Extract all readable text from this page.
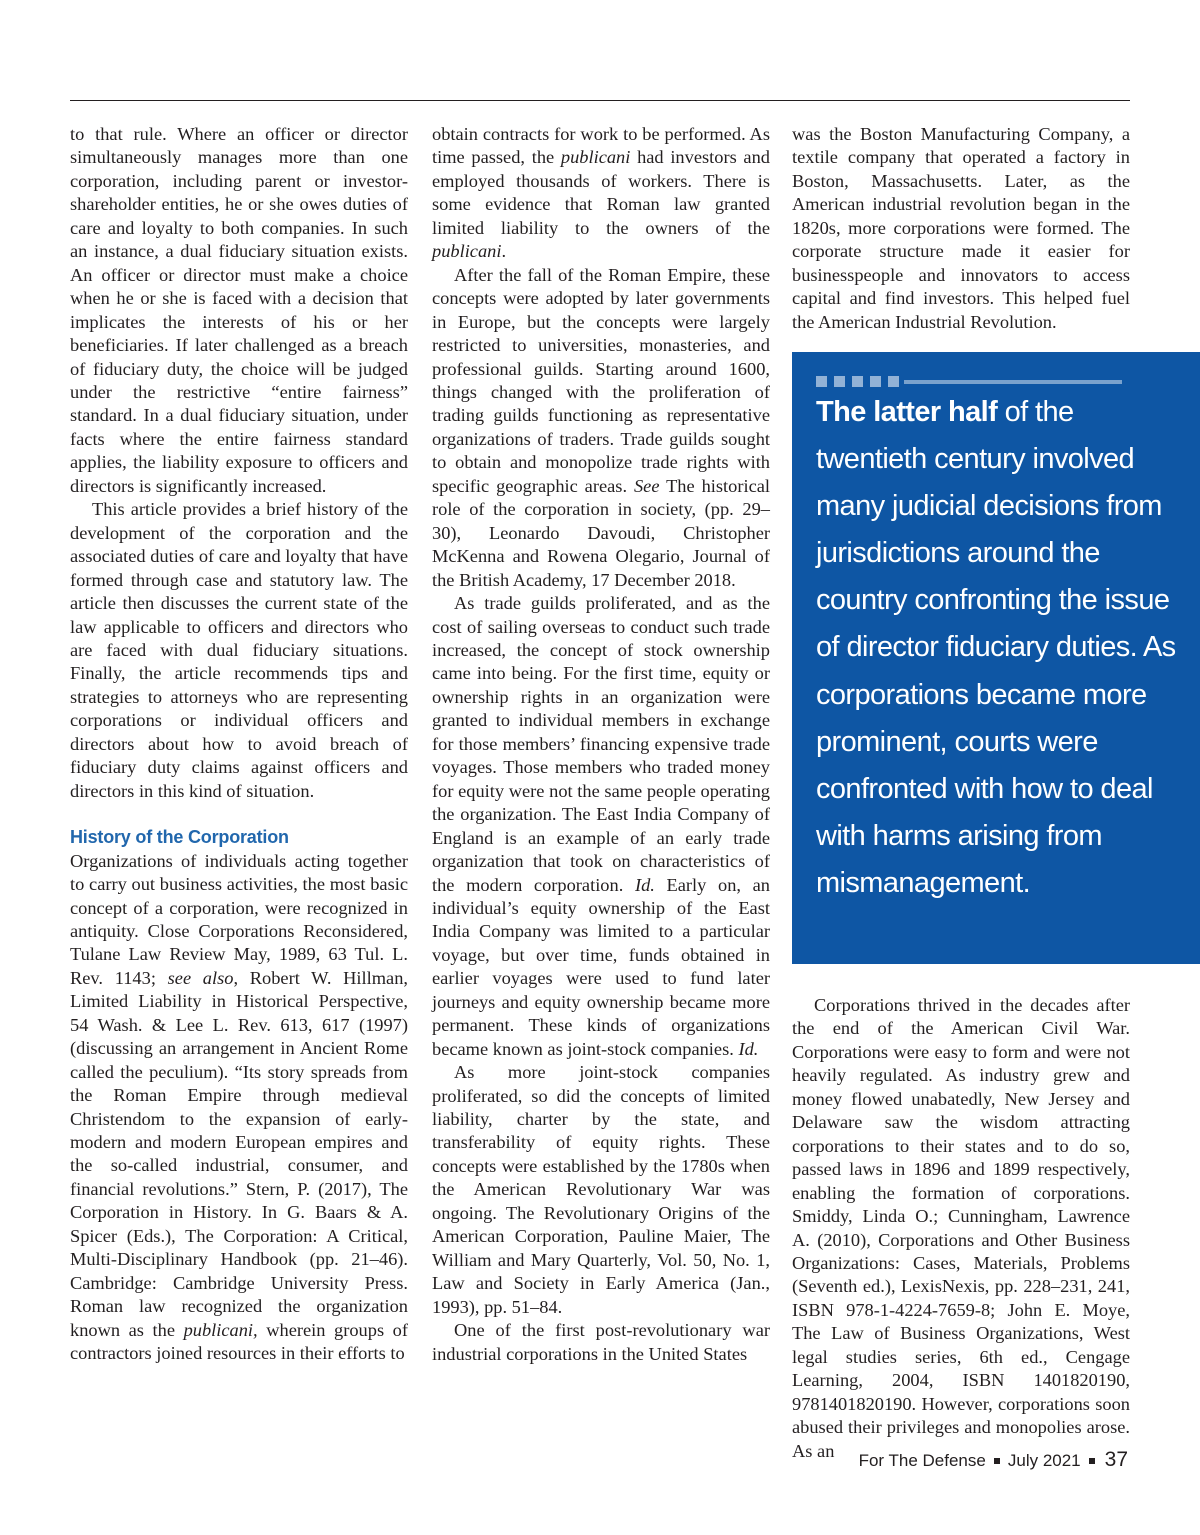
to that rule. Where an officer or director simultaneously manages more than one corporation, including parent or investor-shareholder entities, he or she owes duties of care and loyalty to both companies. In such an instance, a dual fiduciary situation exists. An officer or director must make a choice when he or she is faced with a decision that implicates the interests of his or her beneficiaries. If later challenged as a breach of fiduciary duty, the choice will be judged under the restrictive “entire fairness” standard. In a dual fiduciary situation, under facts where the entire fairness standard applies, the liability exposure to officers and directors is significantly increased.

This article provides a brief history of the development of the corporation and the associated duties of care and loyalty that have formed through case and statutory law. The article then discusses the current state of the law applicable to officers and directors who are faced with dual fiduciary situations. Finally, the article recommends tips and strategies to attorneys who are representing corporations or individual officers and directors about how to avoid breach of fiduciary duty claims against officers and directors in this kind of situation.

History of the Corporation

Organizations of individuals acting together to carry out business activities, the most basic concept of a corporation, were recognized in antiquity. Close Corporations Reconsidered, Tulane Law Review May, 1989, 63 Tul. L. Rev. 1143; see also, Robert W. Hillman, Limited Liability in Historical Perspective, 54 Wash. & Lee L. Rev. 613, 617 (1997) (discussing an arrangement in Ancient Rome called the peculium). “Its story spreads from the Roman Empire through medieval Christendom to the expansion of early-modern and modern European empires and the so-called industrial, consumer, and financial revolutions.” Stern, P. (2017), The Corporation in History. In G. Baars & A. Spicer (Eds.), The Corporation: A Critical, Multi-Disciplinary Handbook (pp. 21–46). Cambridge: Cambridge University Press. Roman law recognized the organization known as the publicani, wherein groups of contractors joined resources in their efforts to

obtain contracts for work to be performed. As time passed, the publicani had investors and employed thousands of workers. There is some evidence that Roman law granted limited liability to the owners of the publicani.

After the fall of the Roman Empire, these concepts were adopted by later governments in Europe, but the concepts were largely restricted to universities, monasteries, and professional guilds. Starting around 1600, things changed with the proliferation of trading guilds functioning as representative organizations of traders. Trade guilds sought to obtain and monopolize trade rights with specific geographic areas. See The historical role of the corporation in society, (pp. 29–30), Leonardo Davoudi, Christopher McKenna and Rowena Olegario, Journal of the British Academy, 17 December 2018.

As trade guilds proliferated, and as the cost of sailing overseas to conduct such trade increased, the concept of stock ownership came into being. For the first time, equity or ownership rights in an organization were granted to individual members in exchange for those members’ financing expensive trade voyages. Those members who traded money for equity were not the same people operating the organization. The East India Company of England is an example of an early trade organization that took on characteristics of the modern corporation. Id. Early on, an individual’s equity ownership of the East India Company was limited to a particular voyage, but over time, funds obtained in earlier voyages were used to fund later journeys and equity ownership became more permanent. These kinds of organizations became known as joint-stock companies. Id.

As more joint-stock companies proliferated, so did the concepts of limited liability, charter by the state, and transferability of equity rights. These concepts were established by the 1780s when the American Revolutionary War was ongoing. The Revolutionary Origins of the American Corporation, Pauline Maier, The William and Mary Quarterly, Vol. 50, No. 1, Law and Society in Early America (Jan., 1993), pp. 51–84.

One of the first post-revolutionary war industrial corporations in the United States

was the Boston Manufacturing Company, a textile company that operated a factory in Boston, Massachusetts. Later, as the American industrial revolution began in the 1820s, more corporations were formed. The corporate structure made it easier for businesspeople and innovators to access capital and find investors. This helped fuel the American Industrial Revolution.

Corporations thrived in the decades after the end of the American Civil War. Corporations were easy to form and were not heavily regulated. As industry grew and money flowed unabatedly, New Jersey and Delaware saw the wisdom attracting corporations to their states and to do so, passed laws in 1896 and 1899 respectively, enabling the formation of corporations. Smiddy, Linda O.; Cunningham, Lawrence A. (2010), Corporations and Other Business Organizations: Cases, Materials, Problems (Seventh ed.), LexisNexis, pp. 228–231, 241, ISBN 978-1-4224-7659-8; John E. Moye, The Law of Business Organizations, West legal studies series, 6th ed., Cengage Learning, 2004, ISBN 1401820190, 9781401820190. However, corporations soon abused their privileges and monopolies arose. As an

The latter half of the twentieth century involved many judicial decisions from jurisdictions around the country confronting the issue of director fiduciary duties. As corporations became more prominent, courts were confronted with how to deal with harms arising from mismanagement.

For The Defense July 2021 37
